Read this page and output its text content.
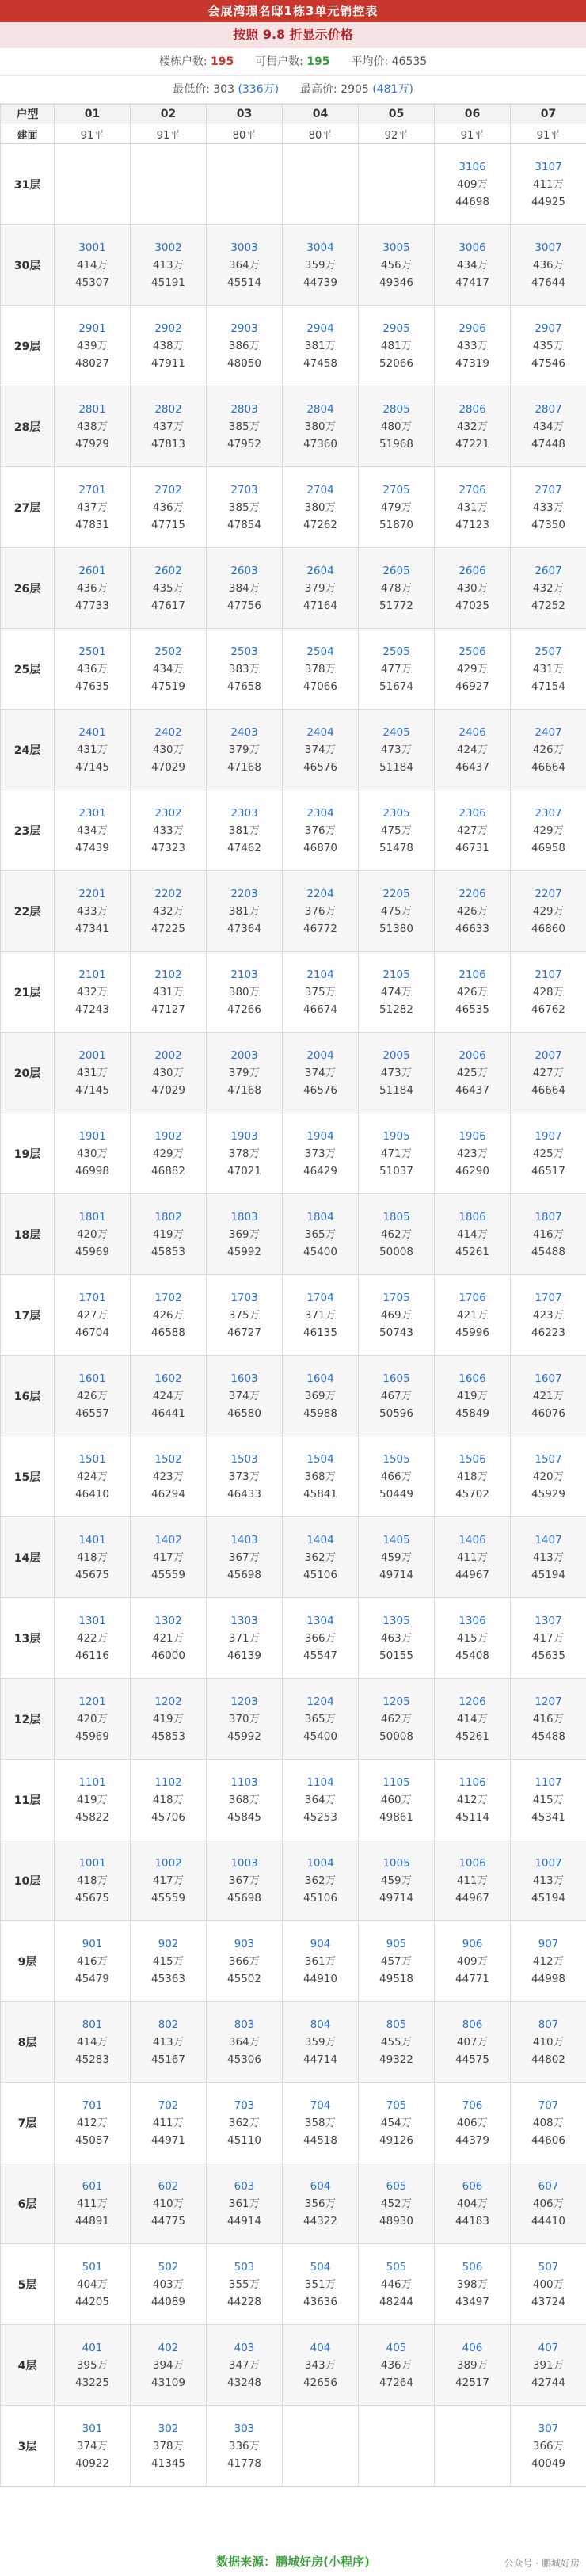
会展湾璟名邸1栋3单元销控表
按照 9.8 折显示价格
楼栋户数: 195 可售户数: 195 平均价: 46535
最低价: 303 (336万) 最高价: 2905 (481万)
户型	01	02	03	04	05	06	07
建面	91平	91平	80平	80平	92平	91平	91平
31层						3106
409万
44698	3107
411万
44925

30层	3001
414万
45307	3002
413万
45191	3003
364万
45514	3004
359万
44739	3005
456万
49346	3006
434万
47417	3007
436万
47644

29层	2901
439万
48027	2902
438万
47911	2903
386万
48050	2904
381万
47458	2905
481万
52066	2906
433万
47319	2907
435万
47546

28层	2801
438万
47929	2802
437万
47813	2803
385万
47952	2804
380万
47360	2805
480万
51968	2806
432万
47221	2807
434万
47448

27层	2701
437万
47831	2702
436万
47715	2703
385万
47854	2704
380万
47262	2705
479万
51870	2706
431万
47123	2707
433万
47350

26层	2601
436万
47733	2602
435万
47617	2603
384万
47756	2604
379万
47164	2605
478万
51772	2606
430万
47025	2607
432万
47252

25层	2501
436万
47635	2502
434万
47519	2503
383万
47658	2504
378万
47066	2505
477万
51674	2506
429万
46927	2507
431万
47154

24层	2401
431万
47145	2402
430万
47029	2403
379万
47168	2404
374万
46576	2405
473万
51184	2406
424万
46437	2407
426万
46664

23层	2301
434万
47439	2302
433万
47323	2303
381万
47462	2304
376万
46870	2305
475万
51478	2306
427万
46731	2307
429万
46958

22层	2201
433万
47341	2202
432万
47225	2203
381万
47364	2204
376万
46772	2205
475万
51380	2206
426万
46633	2207
429万
46860

21层	2101
432万
47243	2102
431万
47127	2103
380万
47266	2104
375万
46674	2105
474万
51282	2106
426万
46535	2107
428万
46762

20层	2001
431万
47145	2002
430万
47029	2003
379万
47168	2004
374万
46576	2005
473万
51184	2006
425万
46437	2007
427万
46664

19层	1901
430万
46998	1902
429万
46882	1903
378万
47021	1904
373万
46429	1905
471万
51037	1906
423万
46290	1907
425万
46517

18层	1801
420万
45969	1802
419万
45853	1803
369万
45992	1804
365万
45400	1805
462万
50008	1806
414万
45261	1807
416万
45488

17层	1701
427万
46704	1702
426万
46588	1703
375万
46727	1704
371万
46135	1705
469万
50743	1706
421万
45996	1707
423万
46223

16层	1601
426万
46557	1602
424万
46441	1603
374万
46580	1604
369万
45988	1605
467万
50596	1606
419万
45849	1607
421万
46076

15层	1501
424万
46410	1502
423万
46294	1503
373万
46433	1504
368万
45841	1505
466万
50449	1506
418万
45702	1507
420万
45929

14层	1401
418万
45675	1402
417万
45559	1403
367万
45698	1404
362万
45106	1405
459万
49714	1406
411万
44967	1407
413万
45194

13层	1301
422万
46116	1302
421万
46000	1303
371万
46139	1304
366万
45547	1305
463万
50155	1306
415万
45408	1307
417万
45635

12层	1201
420万
45969	1202
419万
45853	1203
370万
45992	1204
365万
45400	1205
462万
50008	1206
414万
45261	1207
416万
45488

11层	1101
419万
45822	1102
418万
45706	1103
368万
45845	1104
364万
45253	1105
460万
49861	1106
412万
45114	1107
415万
45341

10层	1001
418万
45675	1002
417万
45559	1003
367万
45698	1004
362万
45106	1005
459万
49714	1006
411万
44967	1007
413万
45194

9层	901
416万
45479	902
415万
45363	903
366万
45502	904
361万
44910	905
457万
49518	906
409万
44771	907
412万
44998

8层	801
414万
45283	802
413万
45167	803
364万
45306	804
359万
44714	805
455万
49322	806
407万
44575	807
410万
44802

7层	701
412万
45087	702
411万
44971	703
362万
45110	704
358万
44518	705
454万
49126	706
406万
44379	707
408万
44606

6层	601
411万
44891	602
410万
44775	603
361万
44914	604
356万
44322	605
452万
48930	606
404万
44183	607
406万
44410

5层	501
404万
44205	502
403万
44089	503
355万
44228	504
351万
43636	505
446万
48244	506
398万
43497	507
400万
43724

4层	401
395万
43225	402
394万
43109	403
347万
43248	404
343万
42656	405
436万
47264	406
389万
42517	407
391万
42744

3层	301
374万
40922	302
378万
41345	303
336万
41778				307
366万
40049
数据来源：鹏城好房(小程序)	公众号 · 鹏城好房
